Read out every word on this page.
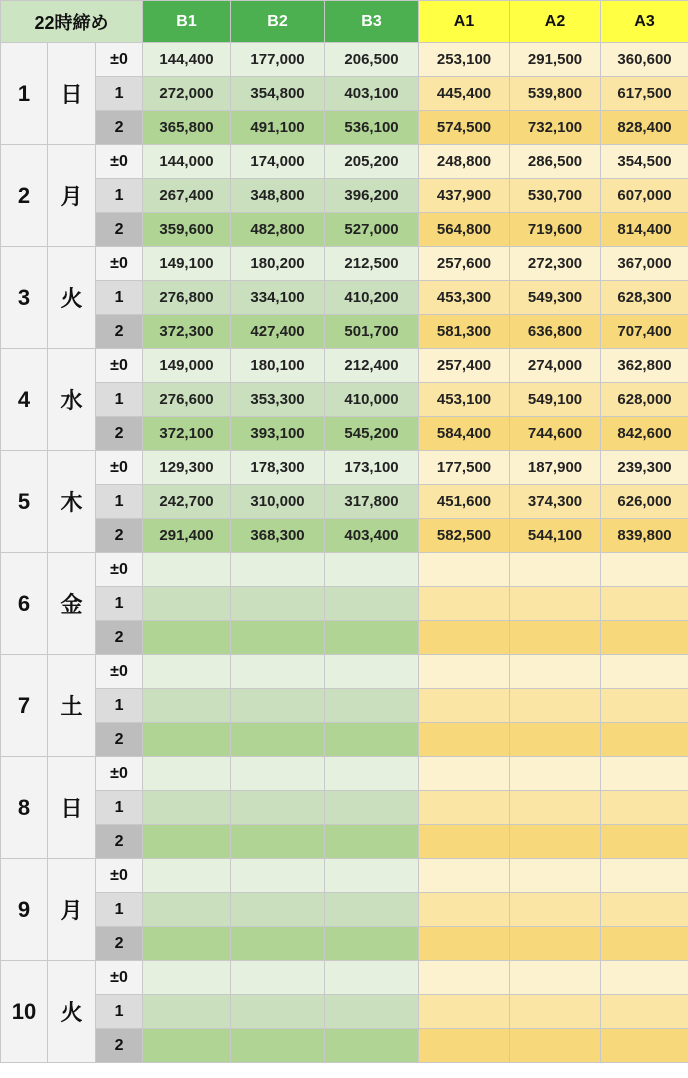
22時締め			B1	B2	B3	A1	A2	A3
1	日	±0	144,400	177,000	206,500	253,100	291,500	360,600
		1	272,000	354,800	403,100	445,400	539,800	617,500
		2	365,800	491,100	536,100	574,500	732,100	828,400
2	月	±0	144,000	174,000	205,200	248,800	286,500	354,500
		1	267,400	348,800	396,200	437,900	530,700	607,000
		2	359,600	482,800	527,000	564,800	719,600	814,400
3	火	±0	149,100	180,200	212,500	257,600	272,300	367,000
		1	276,800	334,100	410,200	453,300	549,300	628,300
		2	372,300	427,400	501,700	581,300	636,800	707,400
4	水	±0	149,000	180,100	212,400	257,400	274,000	362,800
		1	276,600	353,300	410,000	453,100	549,100	628,000
		2	372,100	393,100	545,200	584,400	744,600	842,600
5	木	±0	129,300	178,300	173,100	177,500	187,900	239,300
		1	242,700	310,000	317,800	451,600	374,300	626,000
		2	291,400	368,300	403,400	582,500	544,100	839,800
6	金	±0						
		1						
		2						
7	土	±0						
		1						
		2						
8	日	±0						
		1						
		2						
9	月	±0						
		1						
		2						
10	火	±0						
		1						
		2						
